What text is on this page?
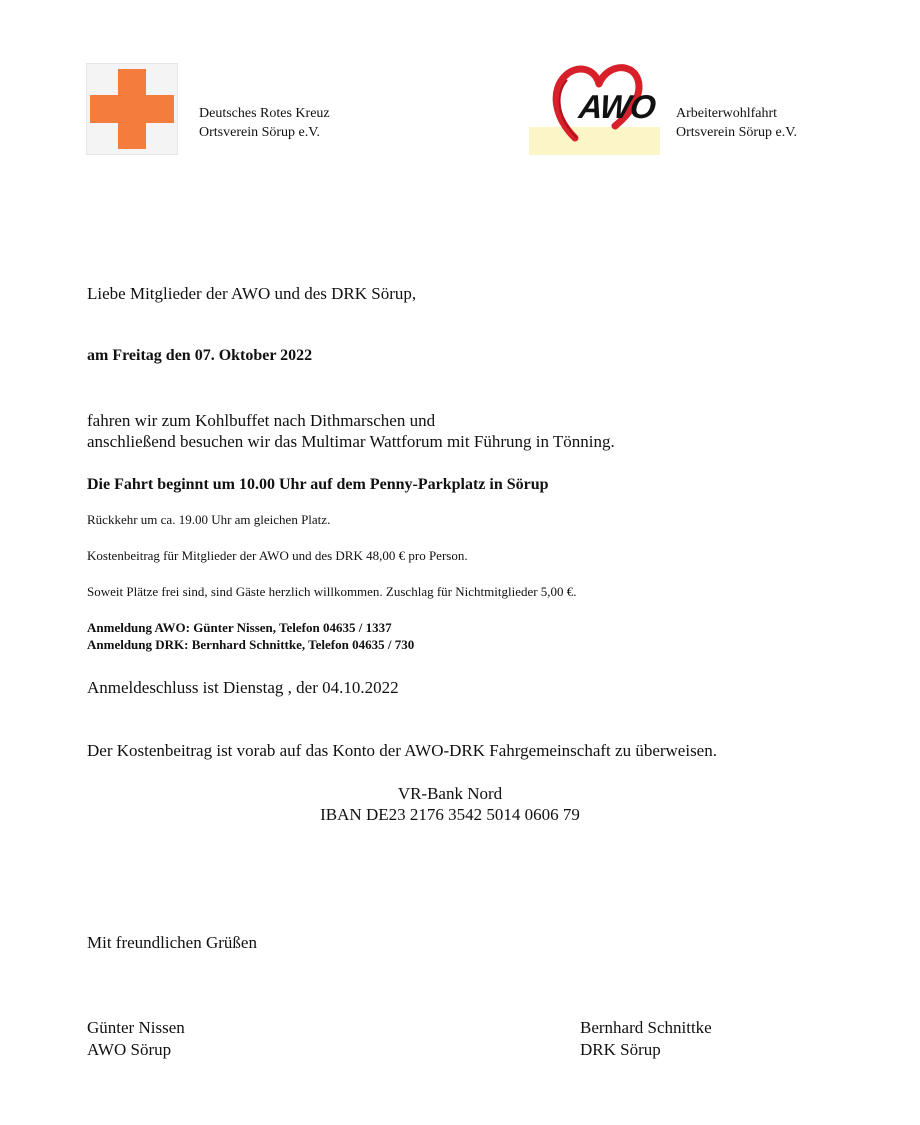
Deutsches Rotes Kreuz
Ortsverein Sörup e.V.
AWO Arbeiterwohlfahrt
Ortsverein Sörup e.V.
Liebe Mitglieder der AWO und des DRK Sörup,
am Freitag den 07. Oktober 2022
fahren wir zum Kohlbuffet nach Dithmarschen und
anschließend besuchen wir das Multimar Wattforum mit Führung in Tönning.
Die Fahrt beginnt um 10.00 Uhr auf dem Penny-Parkplatz in Sörup
Rückkehr um ca. 19.00 Uhr am gleichen Platz.
Kostenbeitrag für Mitglieder der AWO und des DRK 48,00 € pro Person.
Soweit Plätze frei sind, sind Gäste herzlich willkommen. Zuschlag für Nichtmitglieder 5,00 €.
Anmeldung AWO: Günter Nissen, Telefon 04635 / 1337
Anmeldung DRK: Bernhard Schnittke, Telefon 04635 / 730
Anmeldeschluss ist Dienstag , der 04.10.2022
Der Kostenbeitrag ist vorab auf das Konto der AWO-DRK Fahrgemeinschaft zu überweisen.
VR-Bank Nord
IBAN DE23 2176 3542 5014 0606 79
Mit freundlichen Grüßen
Günter Nissen
AWO Sörup
Bernhard Schnittke
DRK Sörup
